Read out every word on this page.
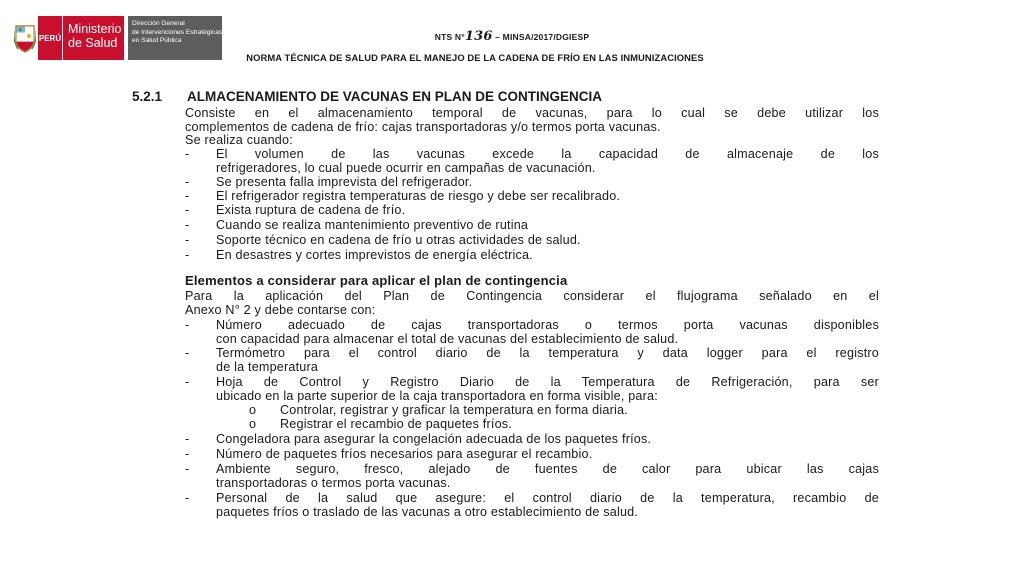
PERÚ
Ministerio
de Salud
Dirección General
de Intervenciones Estratégicas
en Salud Pública	NTS N°136 – MINSA/2017/DGIESP
NORMA TÉCNICA DE SALUD PARA EL MANEJO DE LA CADENA DE FRÍO EN LAS INMUNIZACIONES
5.2.1 ALMACENAMIENTO DE VACUNAS EN PLAN DE CONTINGENCIA
Consiste en el almacenamiento temporal de vacunas, para lo cual se debe utilizar los
complementos de cadena de frío: cajas transportadoras y/o termos porta vacunas.
Se realiza cuando:
- El volumen de las vacunas excede la capacidad de almacenaje de los
refrigeradores, lo cual puede ocurrir en campañas de vacunación.
- Se presenta falla imprevista del refrigerador.
- El refrigerador registra temperaturas de riesgo y debe ser recalibrado.
- Exista ruptura de cadena de frío.
- Cuando se realiza mantenimiento preventivo de rutina
- Soporte técnico en cadena de frío u otras actividades de salud.
- En desastres y cortes imprevistos de energía eléctrica.
Elementos a considerar para aplicar el plan de contingencia
Para la aplicación del Plan de Contingencia considerar el flujograma señalado en el
Anexo N° 2 y debe contarse con:
- Número adecuado de cajas transportadoras o termos porta vacunas disponibles
con capacidad para almacenar el total de vacunas del establecimiento de salud.
- Termómetro para el control diario de la temperatura y data logger para el registro
de la temperatura
- Hoja de Control y Registro Diario de la Temperatura de Refrigeración, para ser
ubicado en la parte superior de la caja transportadora en forma visible, para:
o Controlar, registrar y graficar la temperatura en forma diaria.
o Registrar el recambio de paquetes fríos.
- Congeladora para asegurar la congelación adecuada de los paquetes fríos.
- Número de paquetes fríos necesarios para asegurar el recambio.
- Ambiente seguro, fresco, alejado de fuentes de calor para ubicar las cajas
transportadoras o termos porta vacunas.
- Personal de la salud que asegure: el control diario de la temperatura, recambio de
paquetes fríos o traslado de las vacunas a otro establecimiento de salud.
